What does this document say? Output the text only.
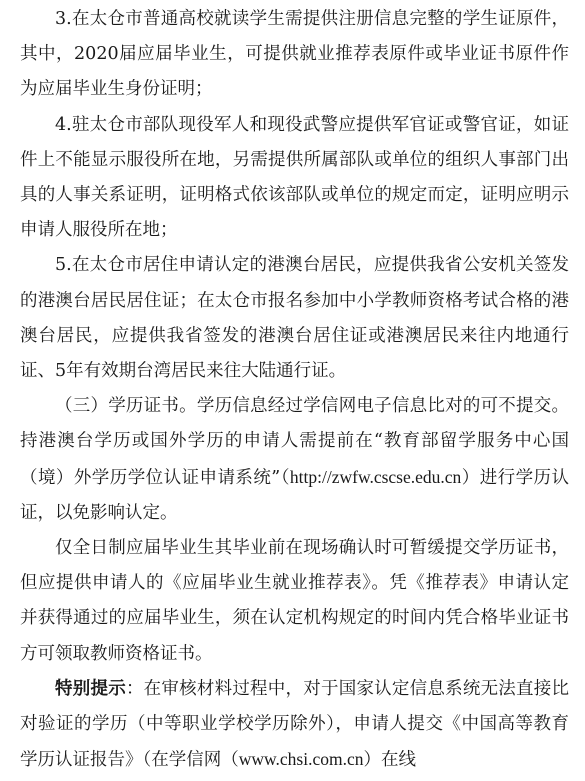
3.在太仓市普通高校就读学生需提供注册信息完整的学生证原件，其中，2020届应届毕业生，可提供就业推荐表原件或毕业证书原件作为应届毕业生身份证明；

4.驻太仓市部队现役军人和现役武警应提供军官证或警官证，如证件上不能显示服役所在地，另需提供所属部队或单位的组织人事部门出具的人事关系证明，证明格式依该部队或单位的规定而定，证明应明示申请人服役所在地；

5.在太仓市居住申请认定的港澳台居民，应提供我省公安机关签发的港澳台居民居住证；在太仓市报名参加中小学教师资格考试合格的港澳台居民，应提供我省签发的港澳台居住证或港澳居民来往内地通行证、5年有效期台湾居民来往大陆通行证。

（三）学历证书。学历信息经过学信网电子信息比对的可不提交。持港澳台学历或国外学历的申请人需提前在“教育部留学服务中心国（境）外学历学位认证申请系统”（http://zwfw.cscse.edu.cn）进行学历认证，以免影响认定。

仅全日制应届毕业生其毕业前在现场确认时可暂缓提交学历证书，但应提供申请人的《应届毕业生就业推荐表》。凭《推荐表》申请认定并获得通过的应届毕业生，须在认定机构规定的时间内凭合格毕业证书方可领取教师资格证书。

特别提示：在审核材料过程中，对于国家认定信息系统无法直接比对验证的学历（中等职业学校学历除外），申请人提交《中国高等教育学历认证报告》（在学信网（www.chsi.com.cn）在线
